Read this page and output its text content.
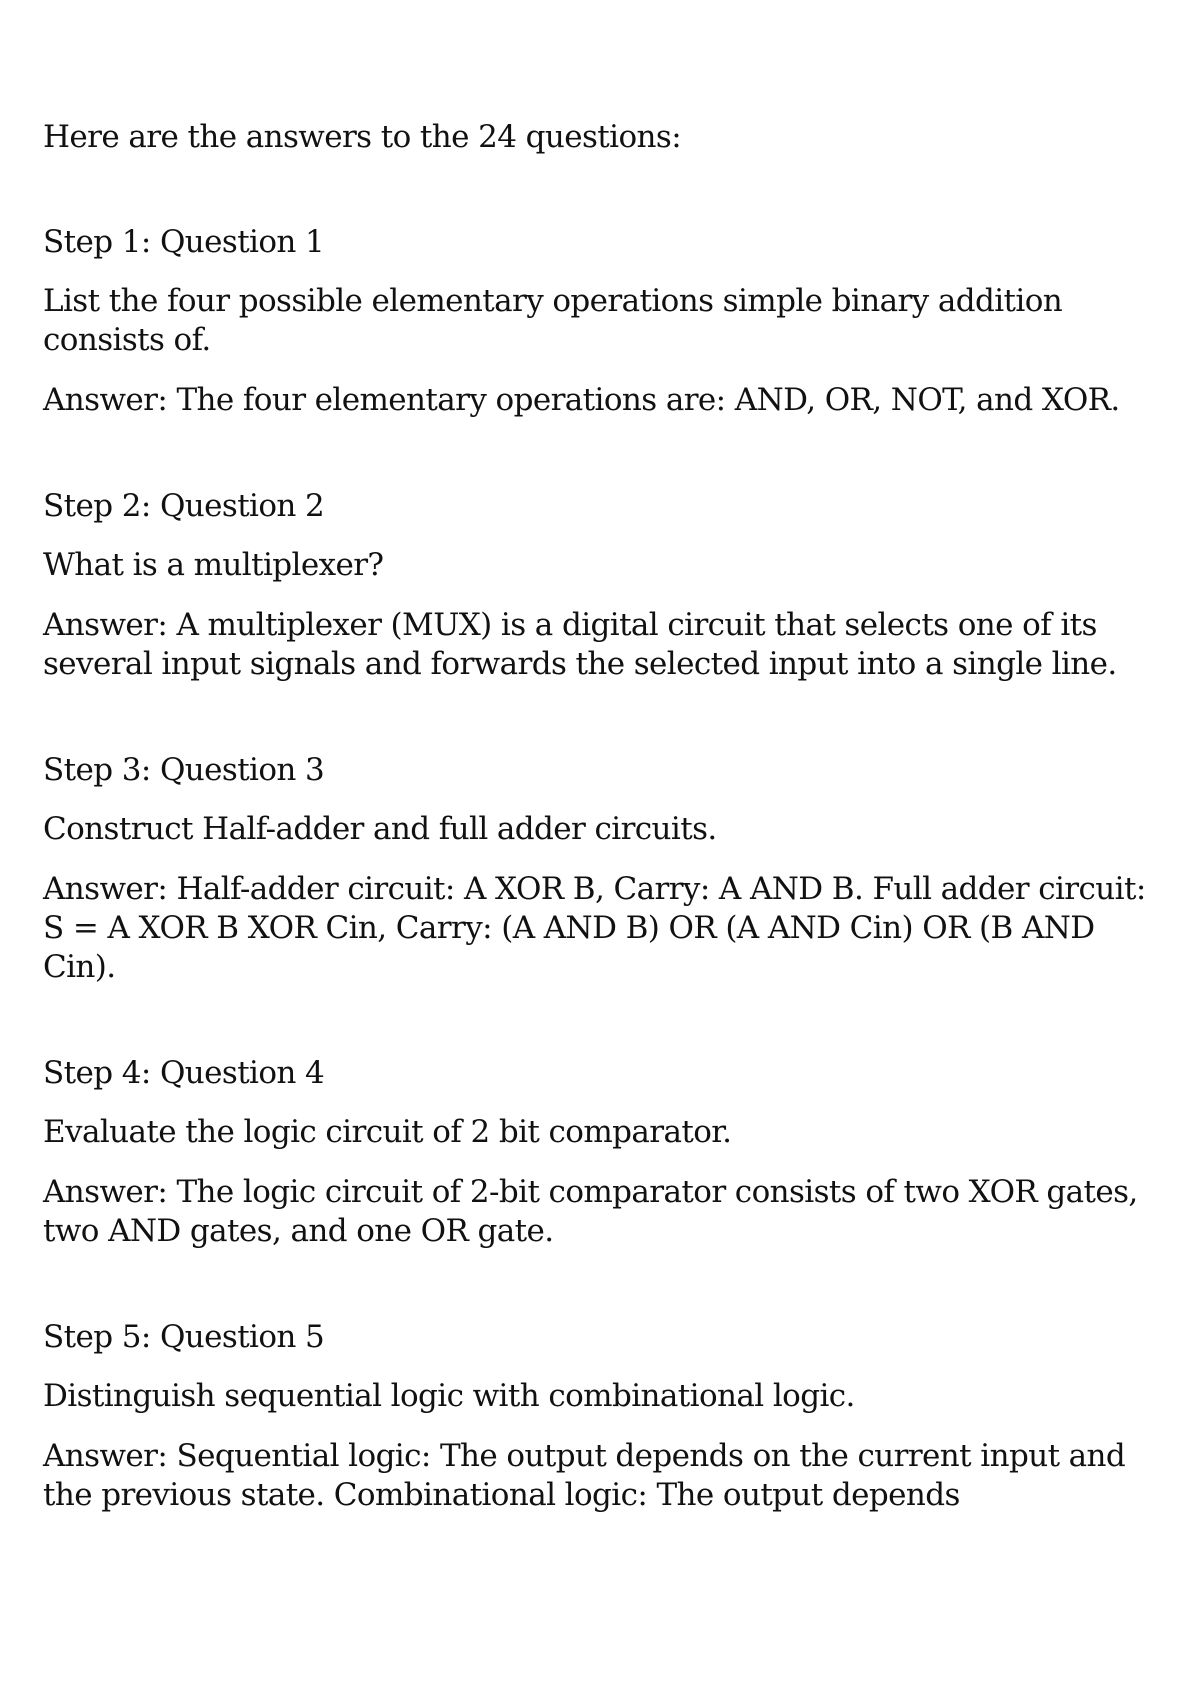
Here are the answers to the 24 questions:

Step 1: Question 1

List the four possible elementary operations simple binary addition consists of.

Answer: The four elementary operations are: AND, OR, NOT, and XOR.

Step 2: Question 2

What is a multiplexer?

Answer: A multiplexer (MUX) is a digital circuit that selects one of its several input signals and forwards the selected input into a single line.

Step 3: Question 3

Construct Half-adder and full adder circuits.

Answer: Half-adder circuit: A XOR B, Carry: A AND B. Full adder circuit: S = A XOR B XOR Cin, Carry: (A AND B) OR (A AND Cin) OR (B AND Cin).

Step 4: Question 4

Evaluate the logic circuit of 2 bit comparator.

Answer: The logic circuit of 2-bit comparator consists of two XOR gates, two AND gates, and one OR gate.

Step 5: Question 5

Distinguish sequential logic with combinational logic.

Answer: Sequential logic: The output depends on the current input and the previous state. Combinational logic: The output depends
